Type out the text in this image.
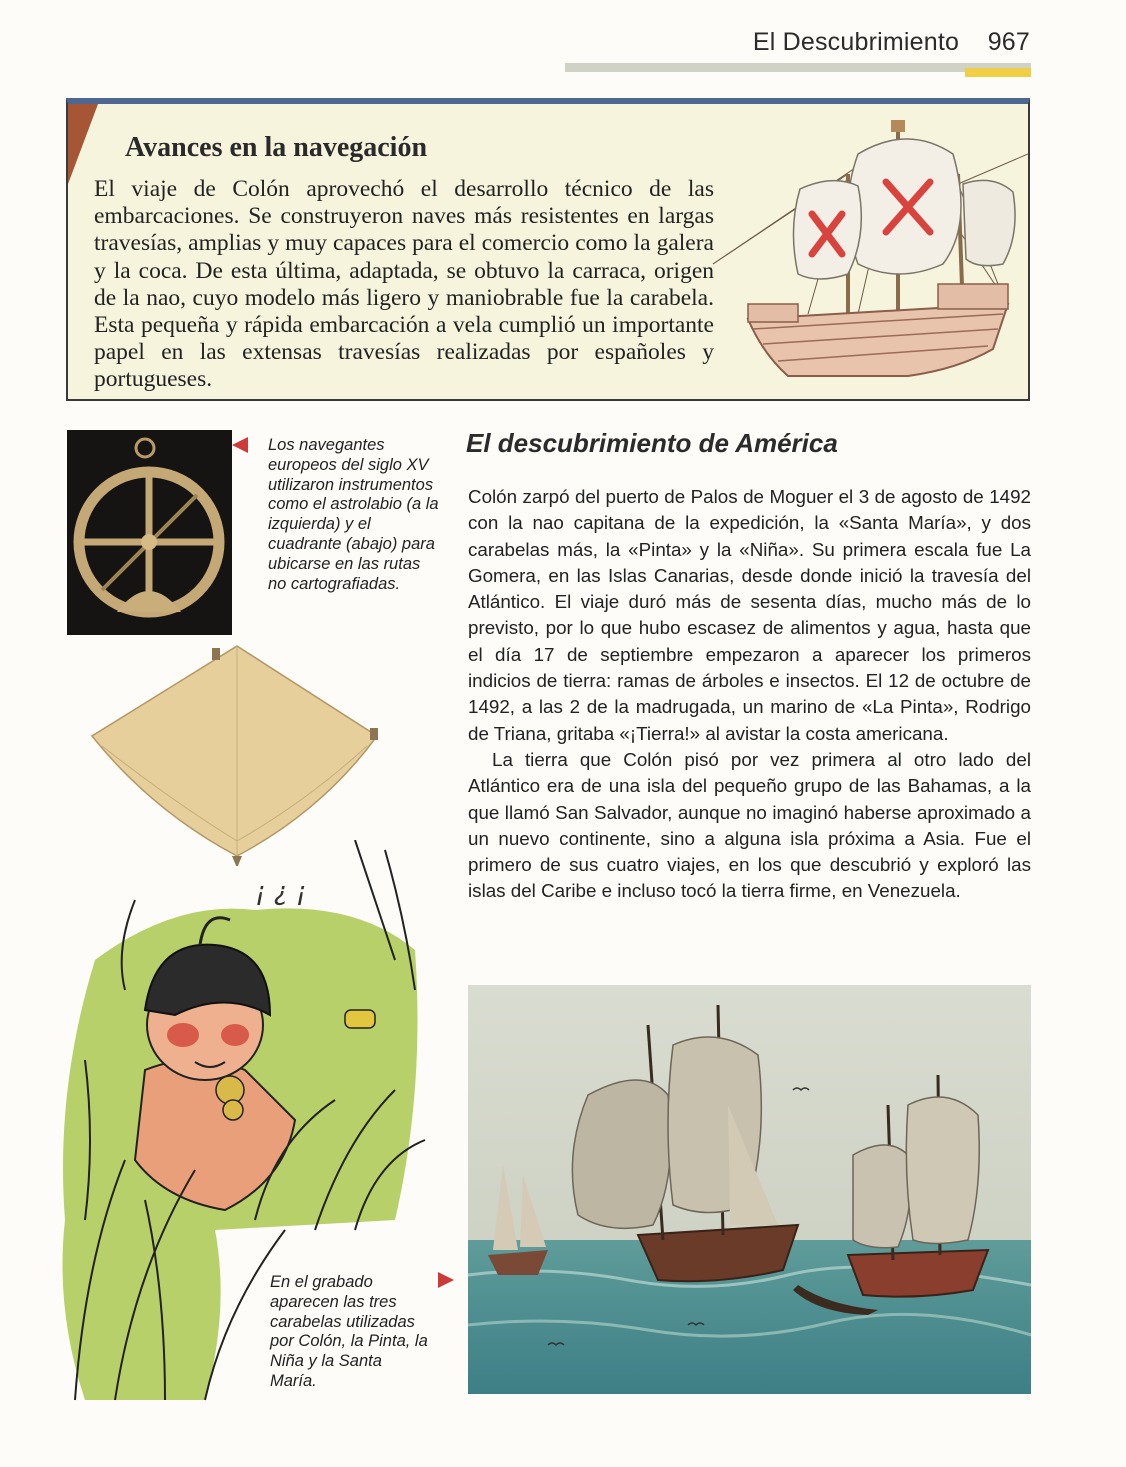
El Descubrimiento 967
Avances en la navegación

El viaje de Colón aprovechó el desarrollo técnico de las embarcaciones. Se construyeron naves más resistentes en largas travesías, amplias y muy capaces para el comercio como la galera y la coca. De esta última, adaptada, se obtuvo la carraca, origen de la nao, cuyo modelo más ligero y maniobrable fue la carabela. Esta pequeña y rápida embarcación a vela cumplió un importante papel en las extensas travesías realizadas por españoles y portugueses.

Los navegantes europeos del siglo XV utilizaron instrumentos como el astrolabio (a la izquierda) y el cuadrante (abajo) para ubicarse en las rutas no cartografiadas.
¡ ¿ ¡
En el grabado aparecen las tres carabelas utilizadas por Colón, la Pinta, la Niña y la Santa María.
El descubrimiento de América

Colón zarpó del puerto de Palos de Moguer el 3 de agosto de 1492 con la nao capitana de la expedición, la «Santa María», y dos carabelas más, la «Pinta» y la «Niña». Su primera escala fue La Gomera, en las Islas Canarias, desde donde inició la travesía del Atlántico. El viaje duró más de sesenta días, mucho más de lo previsto, por lo que hubo escasez de alimentos y agua, hasta que el día 17 de septiembre empezaron a aparecer los primeros indicios de tierra: ramas de árboles e insectos. El 12 de octubre de 1492, a las 2 de la madrugada, un marino de «La Pinta», Rodrigo de Triana, gritaba «¡Tierra!» al avistar la costa americana.

La tierra que Colón pisó por vez primera al otro lado del Atlántico era de una isla del pequeño grupo de las Bahamas, a la que llamó San Salvador, aunque no imaginó haberse aproximado a un nuevo continente, sino a alguna isla próxima a Asia. Fue el primero de sus cuatro viajes, en los que descubrió y exploró las islas del Caribe e incluso tocó la tierra firme, en Venezuela.
